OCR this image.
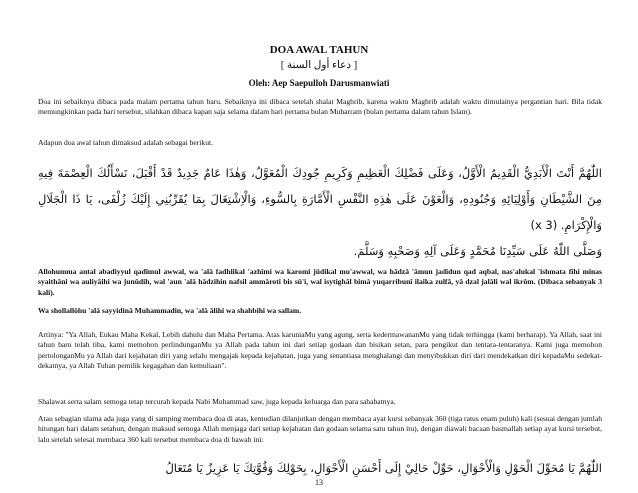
DOA AWAL TAHUN
[ دعاء أول السنة ]
Oleh: Aep Saepulloh Darusmanwiati

Doa ini sebaiknya dibaca pada malam pertama tahun baru. Sebaiknya ini dibaca setelah shalat Maghrib, karena waktu Maghrib adalah waktu dimulainya pergantian hari. Bila tidak memungkinkan pada hari tersebut, silahkan dibaca kapan saja selama dalam hari pertama bulan Muharram (bulan pertama dalam tahun Islam).

Adapun doa awal tahun dimaksud adalah sebagai berikut.

اللّٰهُمَّ أَنْتَ الْأَبَدِيُّ الْقَدِيمُ الْأَوَّلُ، وَعَلَى فَضْلِكَ الْعَظِيمِ وَكَرِيمِ جُودِكَ الْمُعَوَّلُ، وَهٰذَا عَامٌ جَدِيدٌ قَدْ أَقْبَلَ، نَسْأَلُكَ الْعِصْمَةَ فِيهِ مِنَ الشَّيْطَانِ وَأَوْلِيَائِهِ وَجُنُودِهِ، وَالْعَوْنَ عَلَى هٰذِهِ النَّفْسِ الْأَمَّارَةِ بِالسُّوءِ، وَالْاِشْتِغَالَ بِمَا يُقَرِّبُنِي إِلَيْكَ زُلْفَى، يَا ذَا الْجَلَالِ وَالْإِكْرَامِ. (3 x)
وَصَلَّى اللّٰهُ عَلَى سَيِّدِنَا مُحَمَّدٍ وَعَلَى آلِهِ وَصَحْبِهِ وَسَلَّمَ.

Allohumma antal abadiyyul qadîmul awwal, wa 'alâ fadhlikal 'azhîmi wa karomi jûdikal mu'awwal, wa hâdzâ 'âmun jadîdun qad aqbal, nas'alukal 'ishmata fîhi minas syaithâni wa auliyâihi wa junûdih, wal 'aun 'alâ hâdzihin nafsil ammâroti bis sû'i, wal isytighâl bimâ yuqarribunî ilaika zulfâ, yâ dzal jalâli wal ikrôm. (Dibaca sebanyak 3 kali).

Wa shollallôhu 'alâ sayyidinâ Muhammadin, wa 'alâ âlihi wa shahbihi wa sallam.

Artinya: "Ya Allah, Eukau Maha Kekal, Lebih dahulu dan Maha Pertama. Atas karuniaMu yang agung, serta kedermawananMu yang tidak terhingga (kami berharap). Ya Allah, saat ini tahun baru telah tiba, kami memohon perlindunganMu ya Allah pada tahun ini dari setiap godaan dan bisikan setan, para pengikut dan tentara-tentaranya. Kami juga memohon pertolonganMu ya Allah dari kejahatan diri yang selalu mengajak kepada kejahatan, juga yang senantiasa menghalangi dan menyibukkan diri dari mendekatkan diri kepadaMu sedekat-dekatnya, ya Allah Tuhan pemilik kegagahan dan kemuliaan".

Shalawat serta salam semoga tetap tercurah kepada Nabi Muhammad saw, juga kepada keluarga dan para sahabatnya.

Atau sebagian ulama ada juga yang di samping membaca doa di atas, kemudian dilanjutkan dengan membaca ayat kursi sebanyak 360 (tiga ratus enam puluh) kali (sesuai dengan jumlah hitungan hari dalam setahun, dengan maksud semoga Allah menjaga dari setiap kejahatan dan godaan selama satu tahun itu), dengan diawali bacaan basmallah setiap ayat kursi tersebut, lalu setelah selesai membaca 360 kali tersebut membaca doa di bawah ini:

اللّٰهُمَّ يَا مُحَوِّلَ الْحَوْلِ وَالْأَحْوَالِ، حَوِّلْ حَالِيْ إِلَى أَحْسَنِ الْأَحْوَالِ، بِحَوْلِكَ وَقُوَّتِكَ يَا عَزِيزُ يَا مُتَعَالُ
13
